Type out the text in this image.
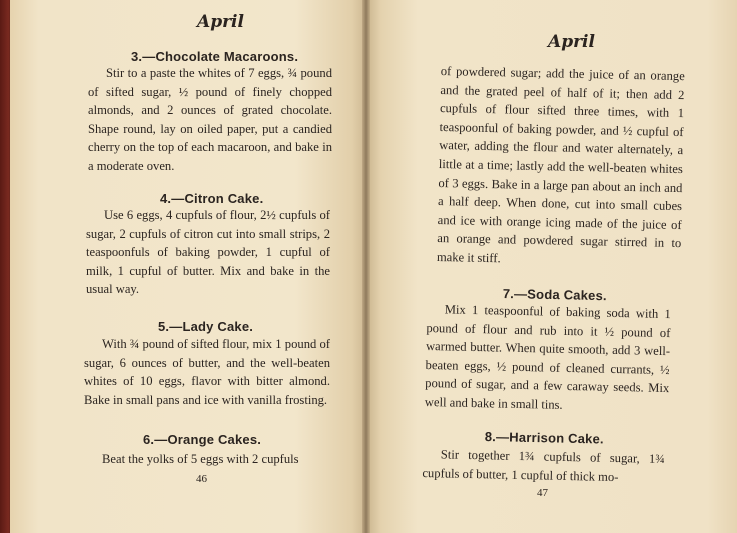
April
3.—Chocolate Macaroons.
Stir to a paste the whites of 7 eggs, ¾ pound of sifted sugar, ½ pound of finely chopped almonds, and 2 ounces of grated chocolate. Shape round, lay on oiled paper, put a candied cherry on the top of each macaroon, and bake in a moderate oven.
4.—Citron Cake.
Use 6 eggs, 4 cupfuls of flour, 2½ cupfuls of sugar, 2 cupfuls of citron cut into small strips, 2 teaspoonfuls of baking powder, 1 cupful of milk, 1 cupful of butter. Mix and bake in the usual way.
5.—Lady Cake.
With ¾ pound of sifted flour, mix 1 pound of sugar, 6 ounces of butter, and the well-beaten whites of 10 eggs, flavor with bitter almond. Bake in small pans and ice with vanilla frosting.
6.—Orange Cakes.
Beat the yolks of 5 eggs with 2 cupfuls
46
April
of powdered sugar; add the juice of an orange and the grated peel of half of it; then add 2 cupfuls of flour sifted three times, with 1 teaspoonful of baking powder, and ½ cupful of water, adding the flour and water alternately, a little at a time; lastly add the well-beaten whites of 3 eggs. Bake in a large pan about an inch and a half deep. When done, cut into small cubes and ice with orange icing made of the juice of an orange and powdered sugar stirred in to make it stiff.
7.—Soda Cakes.
Mix 1 teaspoonful of baking soda with 1 pound of flour and rub into it ½ pound of warmed butter. When quite smooth, add 3 well-beaten eggs, ½ pound of cleaned currants, ½ pound of sugar, and a few caraway seeds. Mix well and bake in small tins.
8.—Harrison Cake.
Stir together 1¾ cupfuls of sugar, 1¾ cupfuls of butter, 1 cupful of thick mo-
47
